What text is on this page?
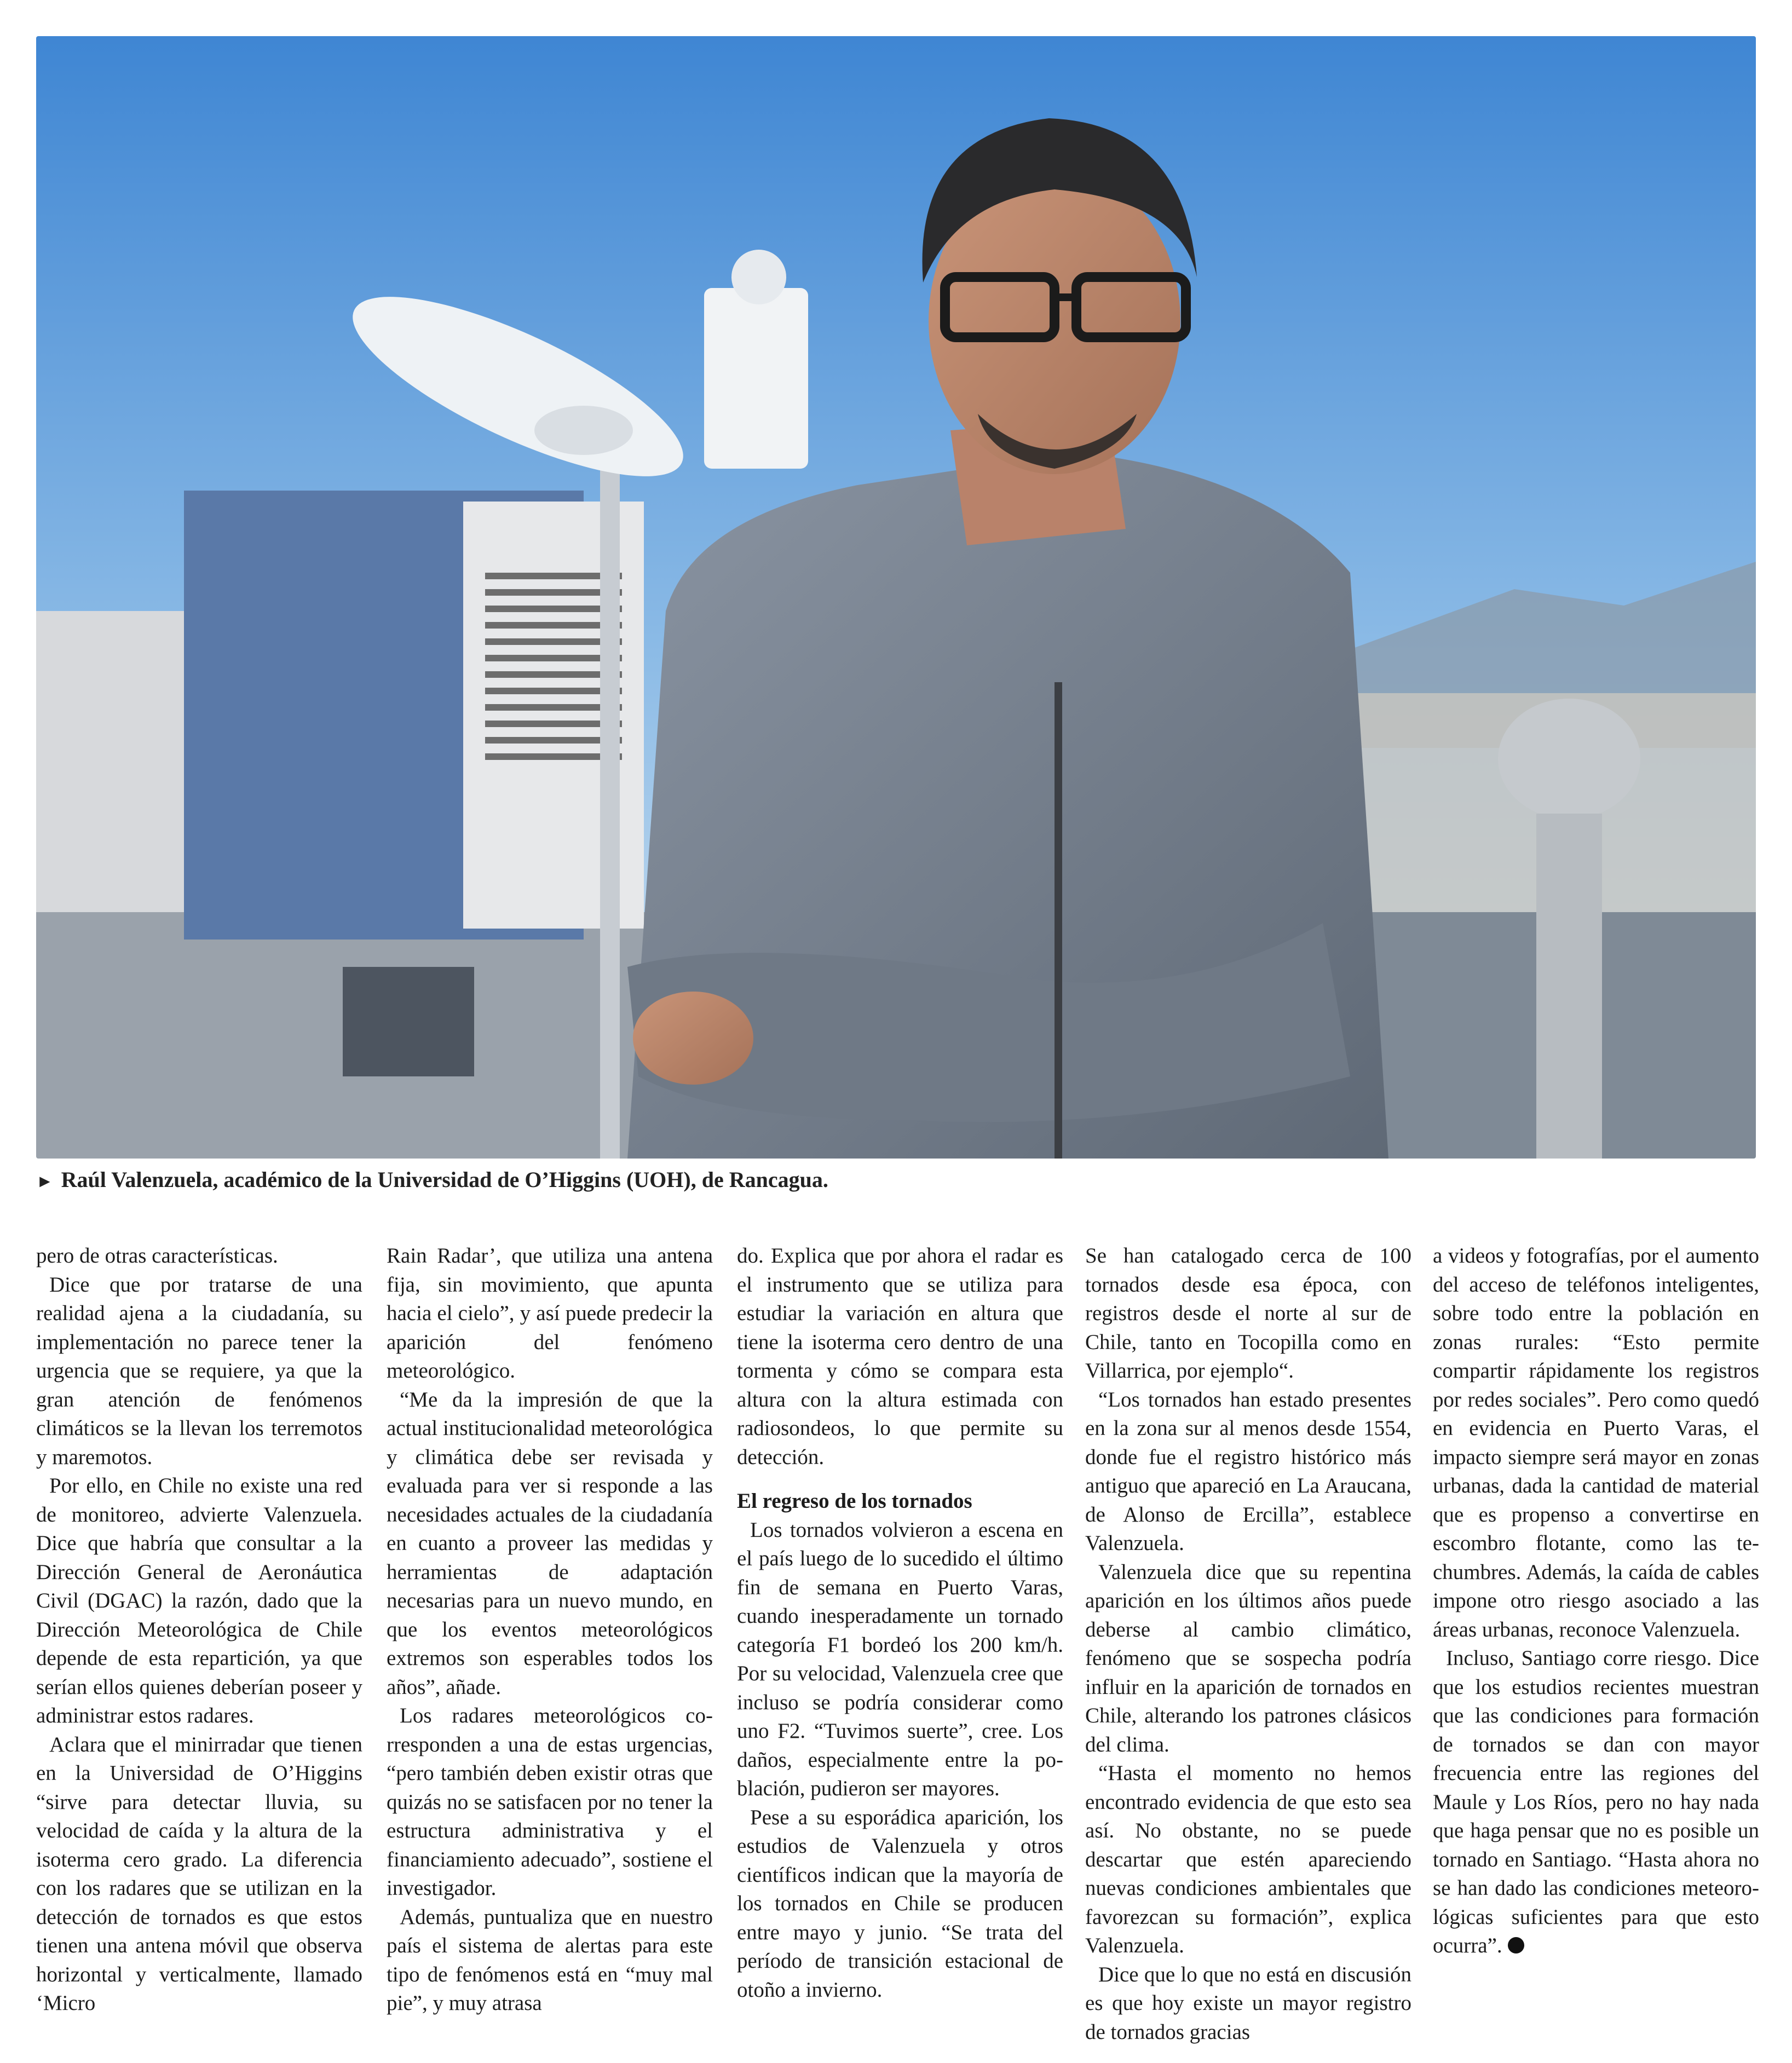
► Raúl Valenzuela, académico de la Universidad de O’Higgins (UOH), de Rancagua.

pero de otras características.

Dice que por tratarse de una realidad ajena a la ciudadanía, su implementación no parece tener la urgencia que se requiere, ya que la gran atención de fenómenos climáticos se la llevan los terremotos y maremotos.

Por ello, en Chile no existe una red de monitoreo, advierte Valenzuela. Dice que habría que consultar a la Dirección General de Aeronáutica Civil (DGAC) la razón, dado que la Dirección Meteorológica de Chile depende de esta repartición, ya que serían ellos quienes deberían poseer y administrar estos radares.

Aclara que el minirradar que tienen en la Universidad de O’Higgins “sirve para detectar lluvia, su velocidad de caída y la altura de la isoterma cero grado. La diferencia con los radares que se utilizan en la detección de tornados es que estos tienen una antena móvil que observa horizontal y verticalmente, llamado ‘Micro

Rain Radar’, que utiliza una antena fija, sin movimiento, que apunta hacia el cielo”, y así puede predecir la aparición del fenómeno meteorológico.

“Me da la impresión de que la actual institucionalidad meteorológica y climática debe ser revisada y evaluada para ver si responde a las necesidades actuales de la ciudadanía en cuanto a proveer las medidas y herramientas de adaptación necesarias para un nuevo mundo, en que los eventos meteorológicos extremos son esperables todos los años”, añade.

Los radares meteorológicos corresponden a una de estas urgencias, “pero también deben existir otras que quizás no se satisfacen por no tener la estructura administrativa y el financiamiento adecuado”, sostiene el investigador.

Además, puntualiza que en nuestro país el sistema de alertas para este tipo de fenómenos está en “muy mal pie”, y muy atrasa

do. Explica que por ahora el radar es el instrumento que se utiliza para estudiar la variación en altura que tiene la isoterma cero dentro de una tormenta y cómo se compara esta altura con la altura estimada con radiosondeos, lo que permite su detección.

El regreso de los tornados

Los tornados volvieron a escena en el país luego de lo sucedido el último fin de semana en Puerto Varas, cuando inesperadamente un tornado categoría F1 bordeó los 200 km/h. Por su velocidad, Valenzuela cree que incluso se podría considerar como uno F2. “Tuvimos suerte”, cree. Los daños, especialmente entre la población, pudieron ser mayores.

Pese a su esporádica aparición, los estudios de Valenzuela y otros científicos indican que la mayoría de los tornados en Chile se producen entre mayo y junio. “Se trata del período de transición estacional de otoño a invierno.

Se han catalogado cerca de 100 tornados desde esa época, con registros desde el norte al sur de Chile, tanto en Tocopilla como en Villarrica, por ejemplo“.

“Los tornados han estado presentes en la zona sur al menos desde 1554, donde fue el registro histórico más antiguo que apareció en La Araucana, de Alonso de Ercilla”, establece Valenzuela.

Valenzuela dice que su repentina aparición en los últimos años puede deberse al cambio climático, fenómeno que se sospecha podría influir en la aparición de tornados en Chile, alterando los patrones clásicos del clima.

“Hasta el momento no hemos encontrado evidencia de que esto sea así. No obstante, no se puede descartar que estén apareciendo nuevas condiciones ambientales que favorezcan su formación”, explica Valenzuela.

Dice que lo que no está en discusión es que hoy existe un mayor registro de tornados gracias

a videos y fotografías, por el aumento del acceso de teléfonos inteligentes, sobre todo entre la población en zonas rurales: “Esto permite compartir rápidamente los registros por redes sociales”. Pero como quedó en evidencia en Puerto Varas, el impacto siempre será mayor en zonas urbanas, dada la cantidad de material que es propenso a convertirse en escombro flotante, como las techumbres. Además, la caída de cables impone otro riesgo asociado a las áreas urbanas, reconoce Valenzuela.

Incluso, Santiago corre riesgo. Dice que los estudios recientes muestran que las condiciones para formación de tornados se dan con mayor frecuencia entre las regiones del Maule y Los Ríos, pero no hay nada que haga pensar que no es posible un tornado en Santiago. “Hasta ahora no se han dado las condiciones meteorológicas suficientes para que esto ocurra”.
